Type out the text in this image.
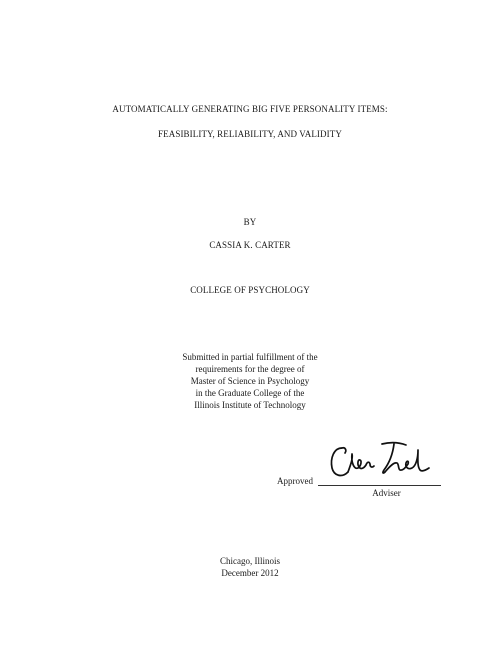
AUTOMATICALLY GENERATING BIG FIVE PERSONALITY ITEMS:
FEASIBILITY, RELIABILITY, AND VALIDITY
BY
CASSIA K. CARTER
COLLEGE OF PSYCHOLOGY
Submitted in partial fulfillment of the
requirements for the degree of
Master of Science in Psychology
in the Graduate College of the
Illinois Institute of Technology
Approved
Adviser
Chicago, Illinois
December 2012
